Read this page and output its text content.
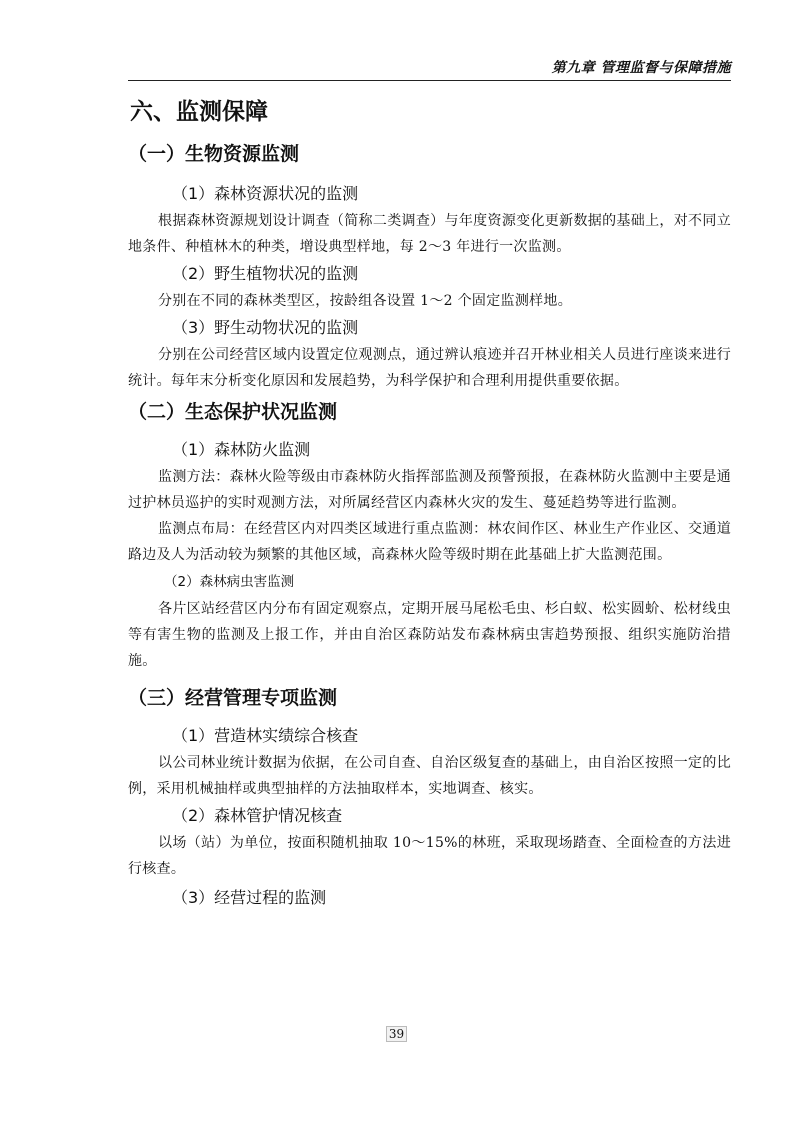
第九章 管理监督与保障措施
六、监测保障
（一）生物资源监测
（1）森林资源状况的监测

根据森林资源规划设计调查（简称二类调查）与年度资源变化更新数据的基础上，对不同立地条件、种植林木的种类，增设典型样地，每 2～3 年进行一次监测。

（2）野生植物状况的监测

分别在不同的森林类型区，按龄组各设置 1～2 个固定监测样地。

（3）野生动物状况的监测

分别在公司经营区域内设置定位观测点，通过辨认痕迹并召开林业相关人员进行座谈来进行统计。每年末分析变化原因和发展趋势，为科学保护和合理利用提供重要依据。

（二）生态保护状况监测
（1）森林防火监测

监测方法：森林火险等级由市森林防火指挥部监测及预警预报，在森林防火监测中主要是通过护林员巡护的实时观测方法，对所属经营区内森林火灾的发生、蔓延趋势等进行监测。

监测点布局：在经营区内对四类区域进行重点监测：林农间作区、林业生产作业区、交通道路边及人为活动较为频繁的其他区域，高森林火险等级时期在此基础上扩大监测范围。

（2）森林病虫害监测

各片区站经营区内分布有固定观察点，定期开展马尾松毛虫、杉白蚁、松实圆蚧、松材线虫等有害生物的监测及上报工作，并由自治区森防站发布森林病虫害趋势预报、组织实施防治措施。

（三）经营管理专项监测
（1）营造林实绩综合核查

以公司林业统计数据为依据，在公司自查、自治区级复查的基础上，由自治区按照一定的比例，采用机械抽样或典型抽样的方法抽取样本，实地调查、核实。

（2）森林管护情况核查

以场（站）为单位，按面积随机抽取 10～15%的林班，采取现场踏查、全面检查的方法进行核查。

（3）经营过程的监测
39
